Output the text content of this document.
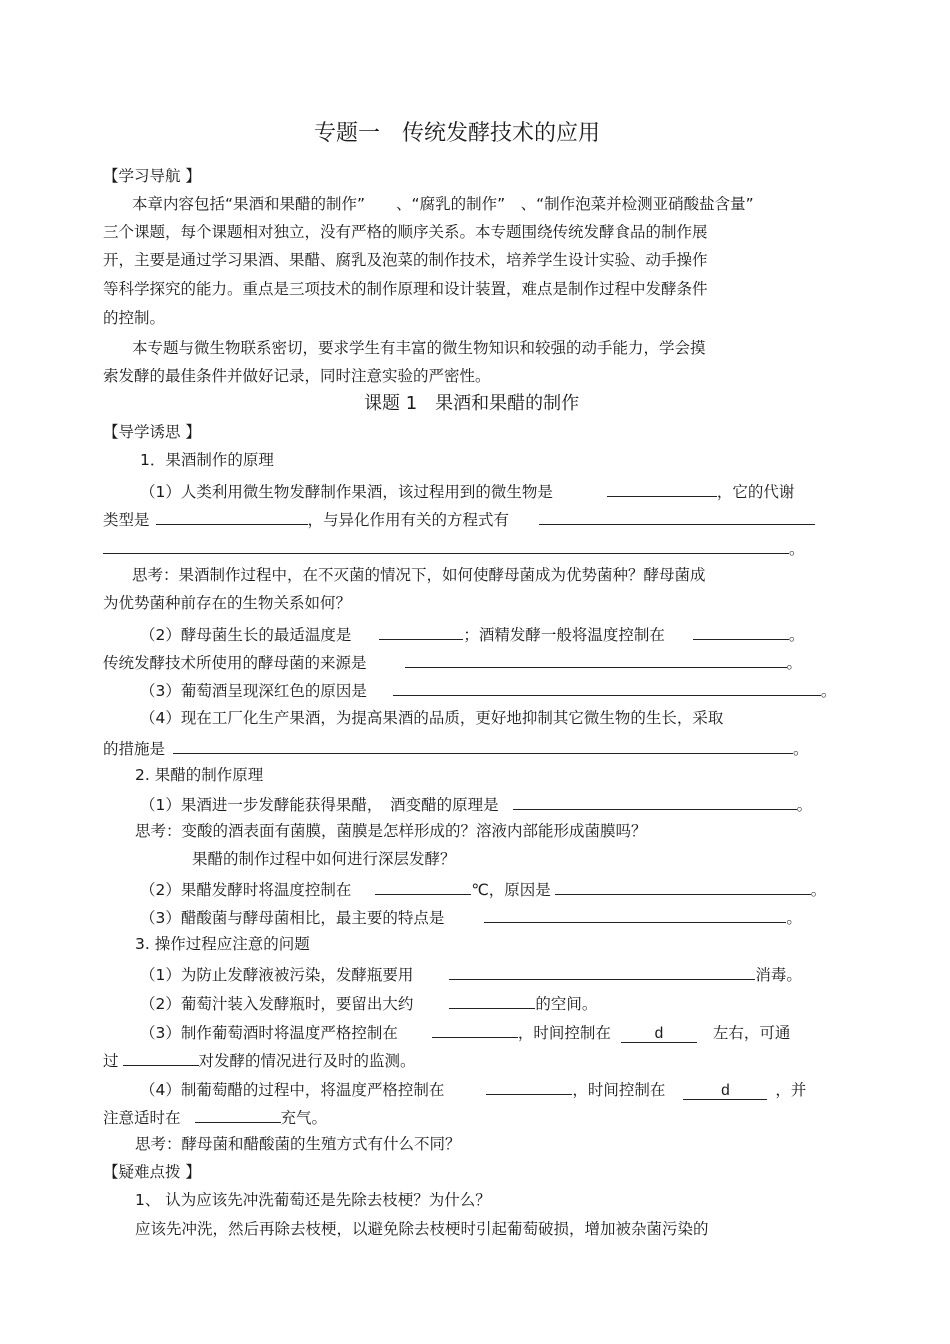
专题一　传统发酵技术的应用
【学习导航 】
本章内容包括“果酒和果醋的制作”　　、“腐乳的制作”　、“制作泡菜并检测亚硝酸盐含量”
三个课题，每个课题相对独立，没有严格的顺序关系。本专题围绕传统发酵食品的制作展
开，主要是通过学习果酒、果醋、腐乳及泡菜的制作技术，培养学生设计实验、动手操作
等科学探究的能力。重点是三项技术的制作原理和设计装置，难点是制作过程中发酵条件
的控制。
本专题与微生物联系密切，要求学生有丰富的微生物知识和较强的动手能力，学会摸
索发酵的最佳条件并做好记录，同时注意实验的严密性。
课题 1　果酒和果醋的制作
【导学诱思 】
1．果酒制作的原理
（1）人类利用微生物发酵制作果酒，该过程用到的微生物是	，它的代谢
类型是	，与异化作用有关的方程式有
。
思考：果酒制作过程中，在不灭菌的情况下，如何使酵母菌成为优势菌种？酵母菌成
为优势菌种前存在的生物关系如何？
（2）酵母菌生长的最适温度是	；酒精发酵一般将温度控制在	。
传统发酵技术所使用的酵母菌的来源是	。
（3）葡萄酒呈现深红色的原因是	。
（4）现在工厂化生产果酒，为提高果酒的品质，更好地抑制其它微生物的生长，采取
的措施是	。
2. 果醋的制作原理
（1）果酒进一步发酵能获得果醋，　酒变醋的原理是	。
思考：变酸的酒表面有菌膜，菌膜是怎样形成的？溶液内部能形成菌膜吗？
果醋的制作过程中如何进行深层发酵？
（2）果醋发酵时将温度控制在	℃，原因是	。
（3）醋酸菌与酵母菌相比，最主要的特点是	。
3. 操作过程应注意的问题
（1）为防止发酵液被污染，发酵瓶要用	消毒。
（2）葡萄汁装入发酵瓶时，要留出大约	的空间。
（3）制作葡萄酒时将温度严格控制在	，时间控制在	d	左右，可通
过	对发酵的情况进行及时的监测。
（4）制葡萄醋的过程中，将温度严格控制在	，时间控制在	d	，并
注意适时在	充气。
思考：酵母菌和醋酸菌的生殖方式有什么不同？
【疑难点拨 】
1、 认为应该先冲洗葡萄还是先除去枝梗？为什么？
应该先冲洗，然后再除去枝梗，以避免除去枝梗时引起葡萄破损，增加被杂菌污染的
